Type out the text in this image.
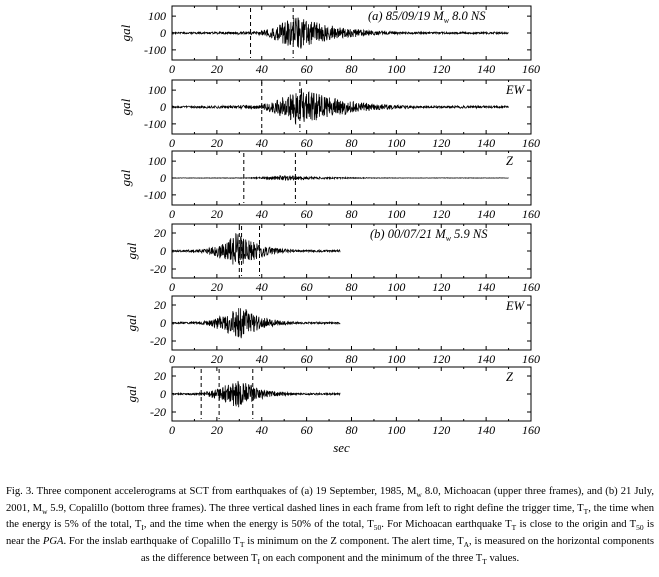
0	20	40	60	80 100 120 140 160
100
0
-100
gal
(a) 85/09/19 $M_w$ 8.0 NS
0	20	40	60	80 100 120 140 160
100
0
-100
gal
EW
0	20	40	60	80 100 120 140 160
100
0
-100
gal
Z
0	20	40	60	80 100 120 140 160
20
0
-20
gal
(b) 00/07/21 $M_w$ 5.9 NS
0	20	40	60	80 100 120 140 160
20
0
-20
gal
EW
0	20	40	60	80 100 120 140 160
20
0
-20
gal
Z
sec
Fig. 3. Three component accelerograms at SCT from earthquakes of (a) 19 September, 1985, $M_w$ 8.0, Michoacan (upper three frames), and (b) 21 July, 2001, $M_w$ 5.9, Copalillo (bottom three frames). The three vertical dashed lines in each frame from left to right define the trigger time, $T_T$, the time when the energy is 5% of the total, $T_I$, and the time when the energy is 50% of the total, $T_{50}$. For Michoacan earthquake $T_T$ is close to the origin and $T_{50}$ is near the PGA. For the inslab earthquake of Copalillo $T_T$ is minimum on the Z component. The alert time, $T_A$, is measured on the horizontal components as the difference between $T_I$ on each component and the minimum of the three $T_T$ values.
